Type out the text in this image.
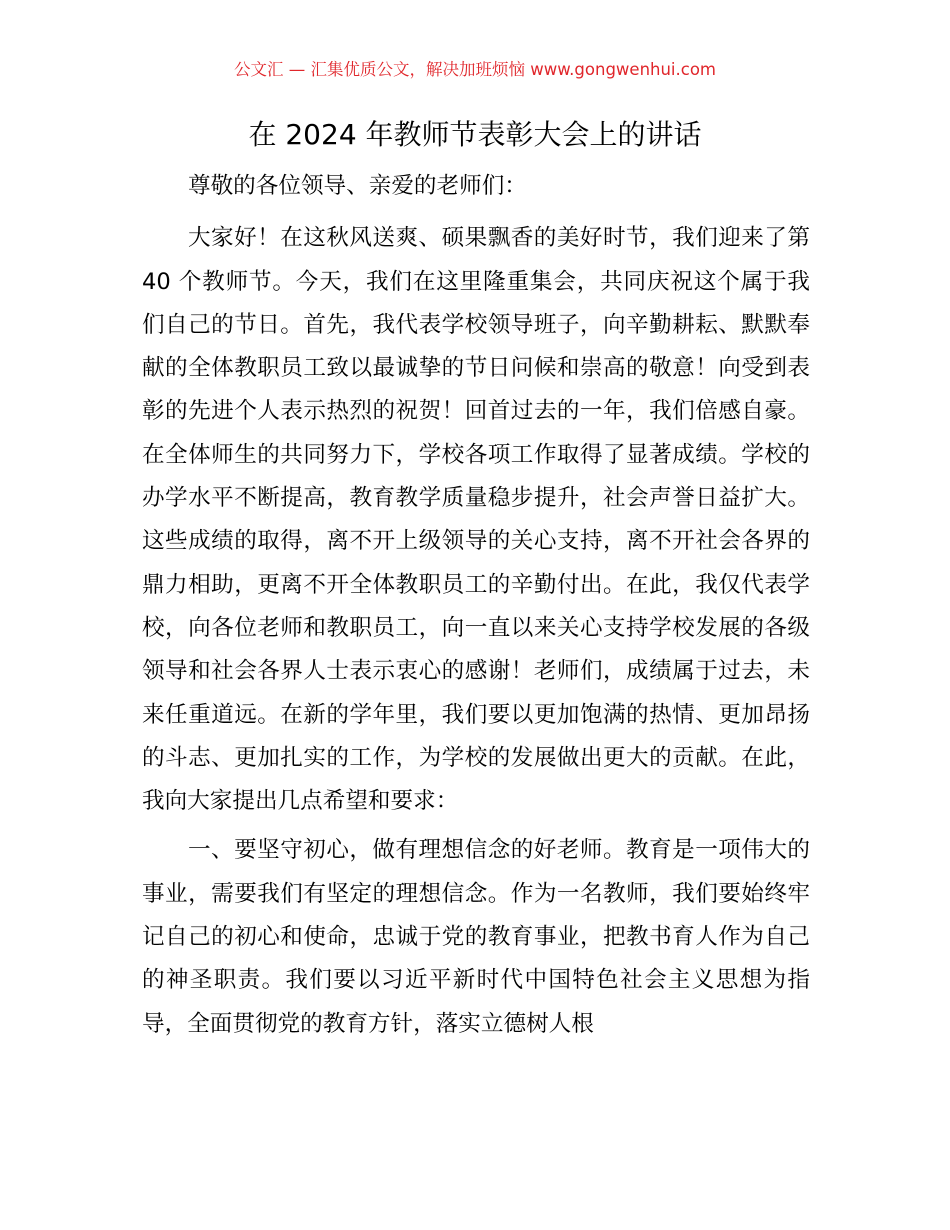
公文汇 — 汇集优质公文，解决加班烦恼 www.gongwenhui.com
在 2024 年教师节表彰大会上的讲话

尊敬的各位领导、亲爱的老师们：

大家好！在这秋风送爽、硕果飘香的美好时节，我们迎来了第 40 个教师节。今天，我们在这里隆重集会，共同庆祝这个属于我们自己的节日。首先，我代表学校领导班子，向辛勤耕耘、默默奉献的全体教职员工致以最诚挚的节日问候和崇高的敬意！向受到表彰的先进个人表示热烈的祝贺！回首过去的一年，我们倍感自豪。在全体师生的共同努力下，学校各项工作取得了显著成绩。学校的办学水平不断提高，教育教学质量稳步提升，社会声誉日益扩大。这些成绩的取得，离不开上级领导的关心支持，离不开社会各界的鼎力相助，更离不开全体教职员工的辛勤付出。在此，我仅代表学校，向各位老师和教职员工，向一直以来关心支持学校发展的各级领导和社会各界人士表示衷心的感谢！老师们，成绩属于过去，未来任重道远。在新的学年里，我们要以更加饱满的热情、更加昂扬的斗志、更加扎实的工作，为学校的发展做出更大的贡献。在此，我向大家提出几点希望和要求：

一、要坚守初心，做有理想信念的好老师。教育是一项伟大的事业，需要我们有坚定的理想信念。作为一名教师，我们要始终牢记自己的初心和使命，忠诚于党的教育事业，把教书育人作为自己的神圣职责。我们要以习近平新时代中国特色社会主义思想为指导，全面贯彻党的教育方针，落实立德树人根
